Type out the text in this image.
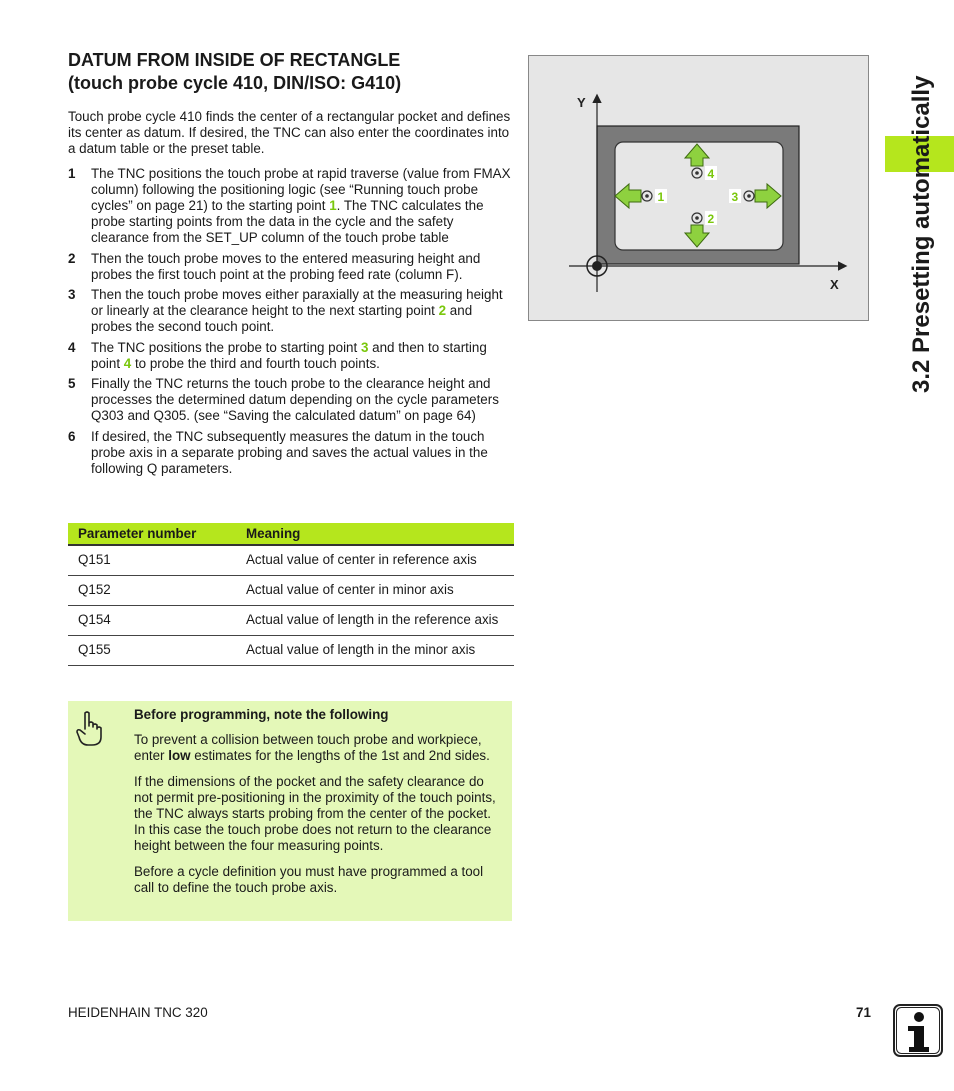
DATUM FROM INSIDE OF RECTANGLE
(touch probe cycle 410, DIN/ISO: G410)
Touch probe cycle 410 finds the center of a rectangular pocket and defines its center as datum. If desired, the TNC can also enter the coordinates into a datum table or the preset table.
1 The TNC positions the touch probe at rapid traverse (value from FMAX column) following the positioning logic (see “Running touch probe cycles” on page 21) to the starting point 1. The TNC calculates the probe starting points from the data in the cycle and the safety clearance from the SET_UP column of the touch probe table
2 Then the touch probe moves to the entered measuring height and probes the first touch point at the probing feed rate (column F).
3 Then the touch probe moves either paraxially at the measuring height or linearly at the clearance height to the next starting point 2 and probes the second touch point.
4 The TNC positions the probe to starting point 3 and then to starting point 4 to probe the third and fourth touch points.
5 Finally the TNC returns the touch probe to the clearance height and processes the determined datum depending on the cycle parameters Q303 and Q305. (see “Saving the calculated datum” on page 64)
6 If desired, the TNC subsequently measures the datum in the touch probe axis in a separate probing and saves the actual values in the following Q parameters.
Parameter number	Meaning
Q151	Actual value of center in reference axis
Q152	Actual value of center in minor axis
Q154	Actual value of length in the reference axis
Q155	Actual value of length in the minor axis
Before programming, note the following

To prevent a collision between touch probe and workpiece, enter low estimates for the lengths of the 1st and 2nd sides.

If the dimensions of the pocket and the safety clearance do not permit pre-positioning in the proximity of the touch points, the TNC always starts probing from the center of the pocket. In this case the touch probe does not return to the clearance height between the four measuring points.

Before a cycle definition you must have programmed a tool call to define the touch probe axis.

Y
X
1
2
3
4	3.2 Presetting automatically
HEIDENHAIN TNC 320	71
